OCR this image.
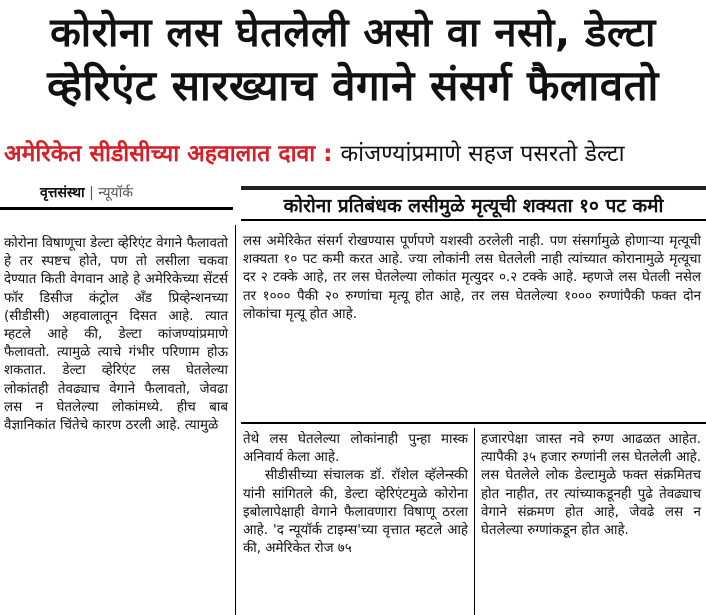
कोरोना लस घेतलेली असो वा नसो, डेल्टा
व्हेरिएंट सारख्याच वेगाने संसर्ग फैलावतो
अमेरिकेत सीडीसीच्या अहवालात दावा : कांजण्यांप्रमाणे सहज पसरतो डेल्टा
वृत्तसंस्था | न्यूयॉर्क
कोरोना प्रतिबंधक लसीमुळे मृत्यूची शक्यता १० पट कमी

कोरोना विषाणूचा डेल्टा व्हेरिएंट वेगाने फैलावतो हे तर स्पष्टच होते, पण तो लसीला चकवा देण्यात किती वेगवान आहे हे अमेरिकेच्या सेंटर्स फॉर डिसीज कंट्रोल अँड प्रिव्हेन्शनच्या (सीडीसी) अहवालातून दिसत आहे. त्यात म्हटले आहे की, डेल्टा कांजण्यांप्रमाणे फैलावतो. त्यामुळे त्याचे गंभीर परिणाम होऊ शकतात. डेल्टा व्हेरिएंट लस घेतलेल्या लोकांतही तेवढ्याच वेगाने फैलावतो, जेवढा लस न घेतलेल्या लोकांमध्ये. हीच बाब वैज्ञानिकांत चिंतेचे कारण ठरली आहे. त्यामुळे

लस अमेरिकेत संसर्ग रोखण्यास पूर्णपणे यशस्वी ठरलेली नाही. पण संसर्गामुळे होणाऱ्या मृत्यूची शक्यता १० पट कमी करत आहे. ज्या लोकांनी लस घेतलेली नाही त्यांच्यात कोरानामुळे मृत्यूचा दर २ टक्के आहे, तर लस घेतलेल्या लोकांत मृत्युदर ०.२ टक्के आहे. म्हणजे लस घेतली नसेल तर १००० पैकी २० रुग्णांचा मृत्यू होत आहे, तर लस घेतलेल्या १००० रुग्णांपैकी फक्त दोन लोकांचा मृत्यू होत आहे.

तेथे लस घेतलेल्या लोकांनाही पुन्हा मास्क अनिवार्य केला आहे.

सीडीसीच्या संचालक डॉ. रॉशेल व्हॅलेन्स्की यांनी सांगितले की, डेल्टा व्हेरिएंटमुळे कोरोना इबोलापेक्षाही वेगाने फैलावणारा विषाणू ठरला आहे. 'द न्यूयॉर्क टाइम्स'च्या वृत्तात म्हटले आहे की, अमेरिकेत रोज ७५

हजारपेक्षा जास्त नवे रुग्ण आढळत आहेत. त्यापैकी ३५ हजार रुग्णांनी लस घेतलेली आहे. लस घेतलेले लोक डेल्टामुळे फक्त संक्रमितच होत नाहीत, तर त्यांच्याकडूनही पुढे तेवढ्याच वेगाने संक्रमण होत आहे, जेवढे लस न घेतलेल्या रुग्णांकडून होत आहे.
